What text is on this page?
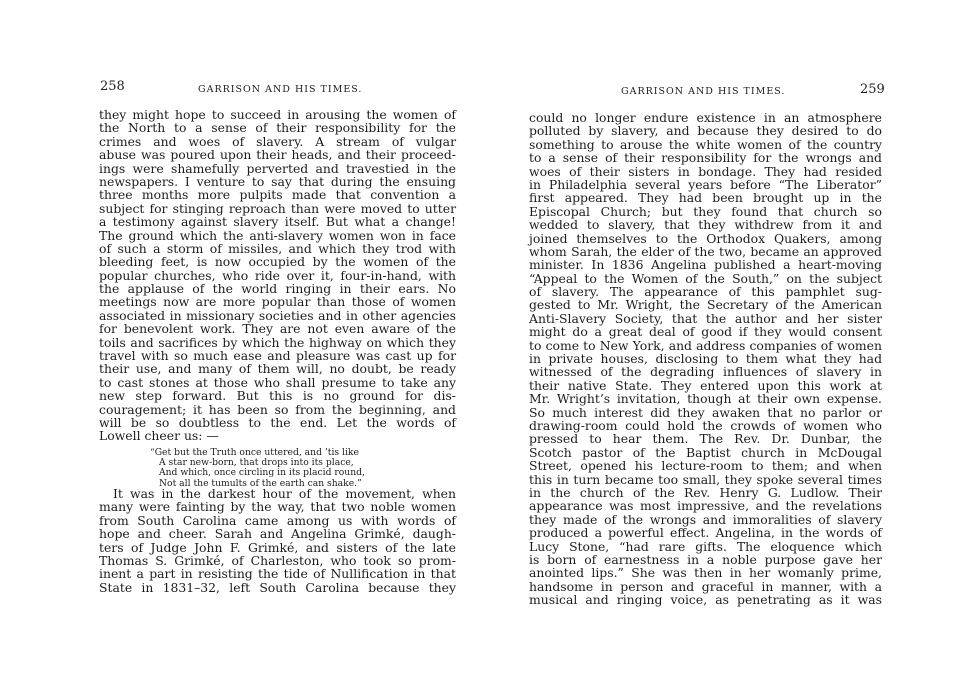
258	GARRISON AND HIS TIMES.
they might hope to succeed in arousing the women of
the North to a sense of their responsibility for the
crimes and woes of slavery. A stream of vulgar
abuse was poured upon their heads, and their proceed-
ings were shamefully perverted and travestied in the
newspapers. I venture to say that during the ensuing
three months more pulpits made that convention a
subject for stinging reproach than were moved to utter
a testimony against slavery itself. But what a change!
The ground which the anti-slavery women won in face
of such a storm of missiles, and which they trod with
bleeding feet, is now occupied by the women of the
popular churches, who ride over it, four-in-hand, with
the applause of the world ringing in their ears. No
meetings now are more popular than those of women
associated in missionary societies and in other agencies
for benevolent work. They are not even aware of the
toils and sacrifices by which the highway on which they
travel with so much ease and pleasure was cast up for
their use, and many of them will, no doubt, be ready
to cast stones at those who shall presume to take any
new step forward. But this is no ground for dis-
couragement; it has been so from the beginning, and
will be so doubtless to the end. Let the words of
Lowell cheer us: —
“Get but the Truth once uttered, and ’tis like
A star new-born, that drops into its place,
And which, once circling in its placid round,
Not all the tumults of the earth can shake.”
It was in the darkest hour of the movement, when
many were fainting by the way, that two noble women
from South Carolina came among us with words of
hope and cheer. Sarah and Angelina Grimké, daugh-
ters of Judge John F. Grimké, and sisters of the late
Thomas S. Grimké, of Charleston, who took so prom-
inent a part in resisting the tide of Nullification in that
State in 1831–32, left South Carolina because they
GARRISON AND HIS TIMES.	259
could no longer endure existence in an atmosphere
polluted by slavery, and because they desired to do
something to arouse the white women of the country
to a sense of their responsibility for the wrongs and
woes of their sisters in bondage. They had resided
in Philadelphia several years before “The Liberator”
first appeared. They had been brought up in the
Episcopal Church; but they found that church so
wedded to slavery, that they withdrew from it and
joined themselves to the Orthodox Quakers, among
whom Sarah, the elder of the two, became an approved
minister. In 1836 Angelina published a heart-moving
“Appeal to the Women of the South,” on the subject
of slavery. The appearance of this pamphlet sug-
gested to Mr. Wright, the Secretary of the American
Anti-Slavery Society, that the author and her sister
might do a great deal of good if they would consent
to come to New York, and address companies of women
in private houses, disclosing to them what they had
witnessed of the degrading influences of slavery in
their native State. They entered upon this work at
Mr. Wright’s invitation, though at their own expense.
So much interest did they awaken that no parlor or
drawing-room could hold the crowds of women who
pressed to hear them. The Rev. Dr. Dunbar, the
Scotch pastor of the Baptist church in McDougal
Street, opened his lecture-room to them; and when
this in turn became too small, they spoke several times
in the church of the Rev. Henry G. Ludlow. Their
appearance was most impressive, and the revelations
they made of the wrongs and immoralities of slavery
produced a powerful effect. Angelina, in the words of
Lucy Stone, “had rare gifts. The eloquence which
is born of earnestness in a noble purpose gave her
anointed lips.” She was then in her womanly prime,
handsome in person and graceful in manner, with a
musical and ringing voice, as penetrating as it was
